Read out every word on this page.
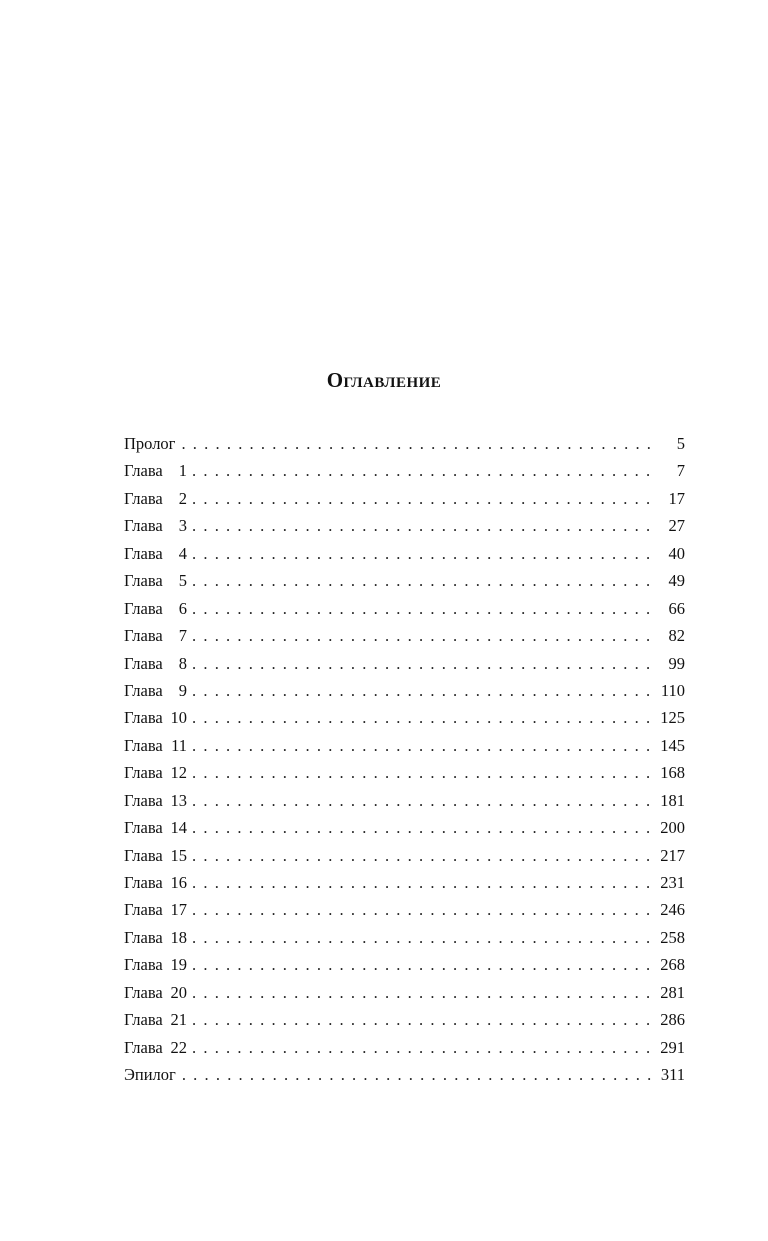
Оглавление
Пролог . . .	5
Глава 1 . . .	7
Глава 2 . . .	17
Глава 3 . . .	27
Глава 4 . . .	40
Глава 5 . . .	49
Глава 6 . . .	66
Глава 7 . . .	82
Глава 8 . . .	99
Глава 9 . . .	110
Глава 10 . . .	125
Глава 11 . . .	145
Глава 12 . . .	168
Глава 13 . . .	181
Глава 14 . . .	200
Глава 15 . . .	217
Глава 16 . . .	231
Глава 17 . . .	246
Глава 18 . . .	258
Глава 19 . . .	268
Глава 20 . . .	281
Глава 21 . . .	286
Глава 22 . . .	291
Эпилог . . .	311
